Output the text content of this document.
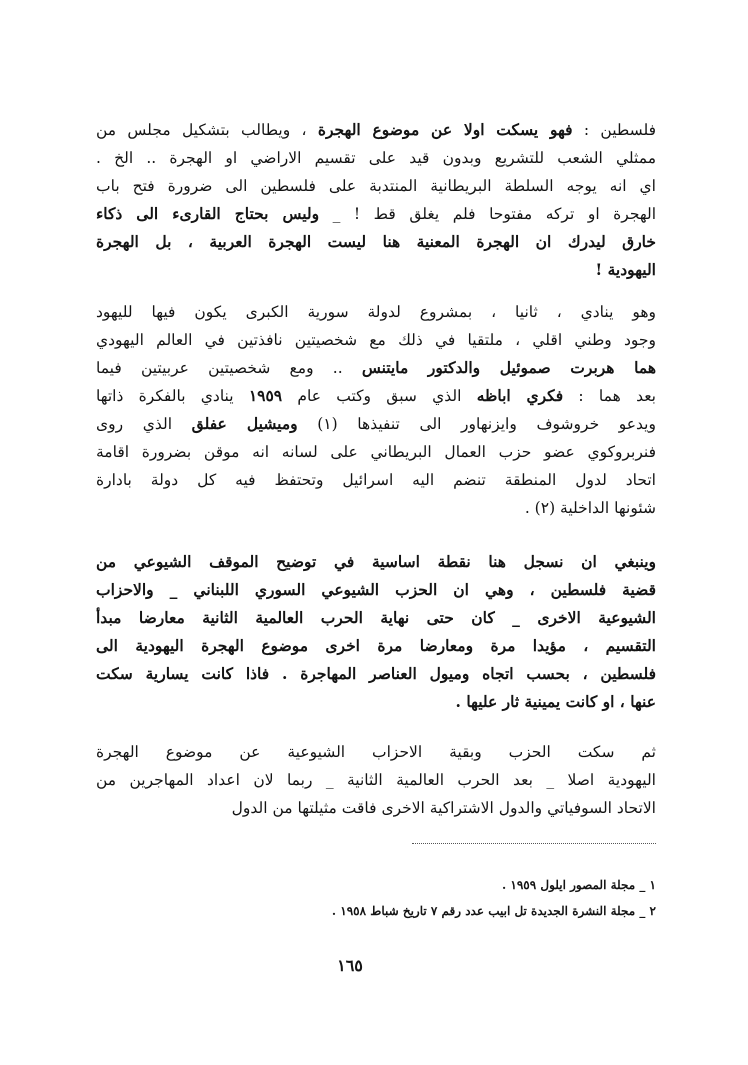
فلسطين : فهو يسكت اولا عن موضوع الهجرة ، ويطالب بتشكيل مجلس من
ممثلي الشعب للتشريع وبدون قيد على تقسيم الاراضي او الهجرة .. الخ .
اي انه يوجه السلطة البريطانية المنتدبة على فلسطين الى ضرورة فتح باب
الهجرة او تركه مفتوحا فلم يغلق قط ! _ وليس بحتاج القارىء الى ذكاء
خارق ليدرك ان الهجرة المعنية هنا ليست الهجرة العربية ، بل الهجرة
اليهودية !
وهو ينادي ، ثانيا ، بمشروع لدولة سورية الكبرى يكون فيها لليهود
وجود وطني اقلي ، ملتقيا في ذلك مع شخصيتين نافذتين في العالم اليهودي
هما هربرت صموئيل والدكتور مايتنس .. ومع شخصيتين عربيتين فيما
بعد هما : فكري اباظه الذي سبق وكتب عام ١٩٥٩ ينادي بالفكرة ذاتها
ويدعو خروشوف وايزنهاور الى تنفيذها (١) وميشيل عفلق الذي روى
فنربروكوي عضو حزب العمال البريطاني على لسانه انه موقن بضرورة اقامة
اتحاد لدول المنطقة تنضم اليه اسرائيل وتحتفظ فيه كل دولة بادارة
شئونها الداخلية (٢) .
وينبغي ان نسجل هنا نقطة اساسية في توضيح الموقف الشيوعي من
قضية فلسطين ، وهي ان الحزب الشيوعي السوري اللبناني _ والاحزاب
الشيوعية الاخرى _ كان حتى نهاية الحرب العالمية الثانية معارضا مبدأ
التقسيم ، مؤيدا مرة ومعارضا مرة اخرى موضوع الهجرة اليهودية الى
فلسطين ، بحسب اتجاه وميول العناصر المهاجرة . فاذا كانت يسارية سكت
عنها ، او كانت يمينية ثار عليها .
ثم سكت الحزب وبقية الاحزاب الشيوعية عن موضوع الهجرة
اليهودية اصلا _ بعد الحرب العالمية الثانية _ ربما لان اعداد المهاجرين من
الاتحاد السوفياتي والدول الاشتراكية الاخرى فاقت مثيلتها من الدول
١ _ مجلة المصور ايلول ١٩٥٩ .
٢ _ مجلة النشرة الجديدة تل ابيب عدد رقم ٧ تاريخ شباط ١٩٥٨ .
١٦٥
